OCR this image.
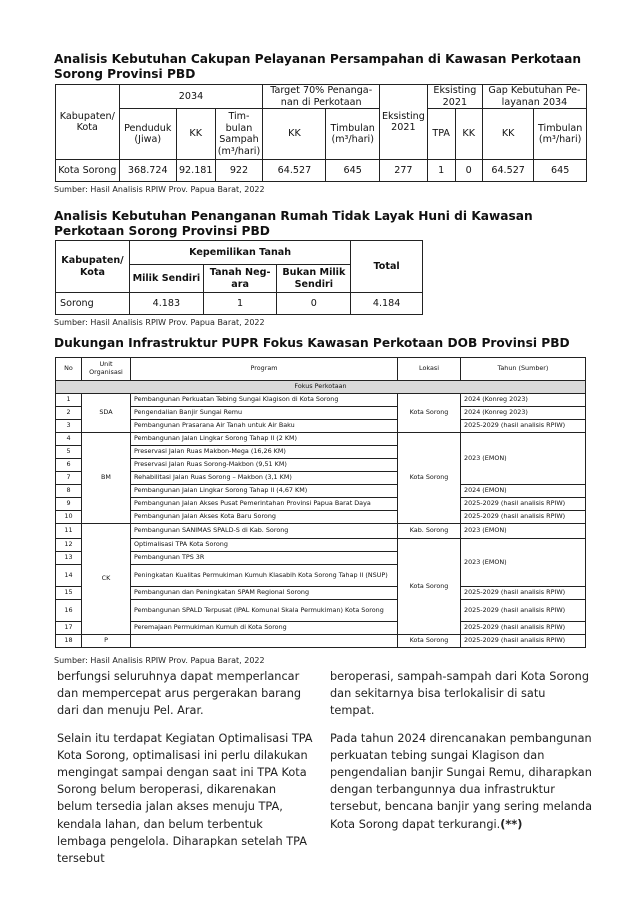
Analisis Kebutuhan Cakupan Pelayanan Persampahan di Kawasan Perkotaan Sorong Provinsi PBD
Kabupaten/ Kota	2034			Target 70% Penanga- nan di Perkotaan		Eksisting 2021	Eksisting 2021		Gap Kebutuhan Pe- layanan 2034	
	Penduduk (Jiwa)	KK	Tim- bulan Sampah (m³/hari)	KK	Timbulan (m³/hari)		TPA	KK	KK	Timbulan (m³/hari)
Kota Sorong	368.724	92.181	922	64.527	645	277	1	0	64.527	645
Sumber: Hasil Analisis RPIW Prov. Papua Barat, 2022
Analisis Kebutuhan Penanganan Rumah Tidak Layak Huni di Kawasan Perkotaan Sorong Provinsi PBD
Kabupaten/ Kota	Kepemilikan Tanah			Total
	Milik Sendiri	Tanah Neg- ara	Bukan Milik Sendiri	
Sorong	4.183	1	0	4.184
Sumber: Hasil Analisis RPIW Prov. Papua Barat, 2022
Dukungan Infrastruktur PUPR Fokus Kawasan Perkotaan DOB Provinsi PBD
No	Unit Organisasi	Program	Lokasi	Tahun (Sumber)
Fokus Perkotaan				
1	SDA	Pembangunan Perkuatan Tebing Sungai Klagison di Kota Sorong	Kota Sorong	2024 (Konreg 2023)
2		Pengendalian Banjir Sungai Remu		2024 (Konreg 2023)
3		Pembangunan Prasarana Air Tanah untuk Air Baku		2025-2029 (hasil analisis RPIW)
4	BM	Pembangunan Jalan Lingkar Sorong Tahap II (2 KM)	Kota Sorong	2023 (EMON)
5		Preservasi Jalan Ruas Makbon-Mega (16,26 KM)		
6		Preservasi Jalan Ruas Sorong-Makbon (9,51 KM)		
7		Rehabilitasi Jalan Ruas Sorong – Makbon (3,1 KM)		
8		Pembangunan Jalan Lingkar Sorong Tahap II (4,67 KM)		2024 (EMON)
9		Pembangunan Jalan Akses Pusat Pemerintahan Provinsi Papua Barat Daya		2025-2029 (hasil analisis RPIW)
10		Pembangunan Jalan Akses Kota Baru Sorong		2025-2029 (hasil analisis RPIW)
11	CK	Pembangunan SANIMAS SPALD-S di Kab. Sorong	Kab. Sorong	2023 (EMON)
12		Optimalisasi TPA Kota Sorong	Kota Sorong	2023 (EMON)
13		Pembangunan TPS 3R		
14		Peningkatan Kualitas Permukiman Kumuh Klasabih Kota Sorong Tahap II (NSUP)		
15		Pembangunan dan Peningkatan SPAM Regional Sorong		2025-2029 (hasil analisis RPIW)
16		Pembangunan SPALD Terpusat (IPAL Komunal Skala Permukiman) Kota Sorong		2025-2029 (hasil analisis RPIW)
17		Peremajaan Permukiman Kumuh di Kota Sorong		2025-2029 (hasil analisis RPIW)
18	P		Kota Sorong	2025-2029 (hasil analisis RPIW)
Sumber: Hasil Analisis RPIW Prov. Papua Barat, 2022

berfungsi seluruhnya dapat memperlancar dan mempercepat arus pergerakan barang dari dan menuju Pel. Arar.

Selain itu terdapat Kegiatan Optimalisasi TPA Kota Sorong, optimalisasi ini perlu dilakukan mengingat sampai dengan saat ini TPA Kota Sorong belum beroperasi, dikarenakan belum tersedia jalan akses menuju TPA, kendala lahan, dan belum terbentuk lembaga pengelola. Diharapkan setelah TPA tersebut

beroperasi, sampah-sampah dari Kota Sorong dan sekitarnya bisa terlokalisir di satu tempat.

Pada tahun 2024 direncanakan pembangunan perkuatan tebing sungai Klagison dan pengendalian banjir Sungai Remu, diharapkan dengan terbangunnya dua infrastruktur tersebut, bencana banjir yang sering melanda Kota Sorong dapat terkurangi.(**)
